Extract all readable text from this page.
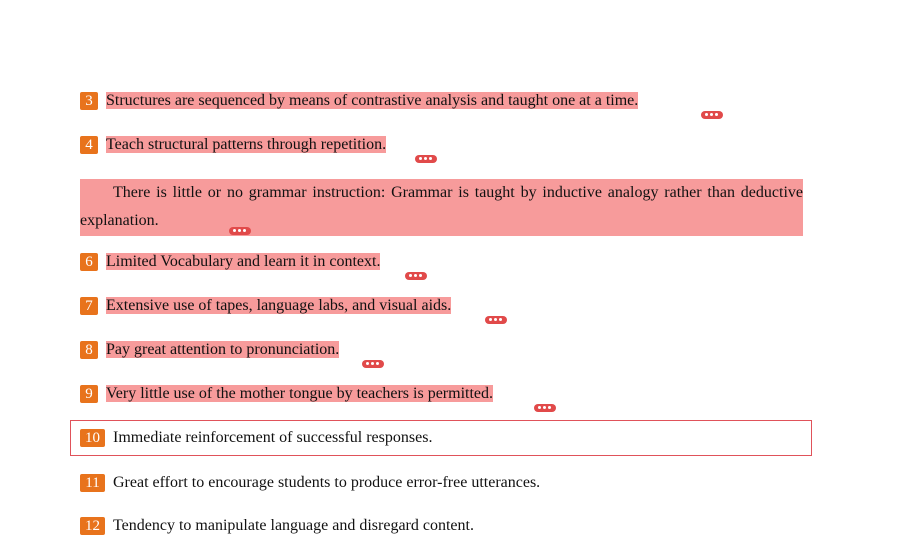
3 Structures are sequenced by means of contrastive analysis and taught one at a time.
4 Teach structural patterns through repetition.
There is little or no grammar instruction: Grammar is taught by inductive analogy rather than deductive explanation.
6 Limited Vocabulary and learn it in context.
7 Extensive use of tapes, language labs, and visual aids.
8 Pay great attention to pronunciation.
9 Very little use of the mother tongue by teachers is permitted.
10 Immediate reinforcement of successful responses.
11 Great effort to encourage students to produce error-free utterances.
12 Tendency to manipulate language and disregard content.
